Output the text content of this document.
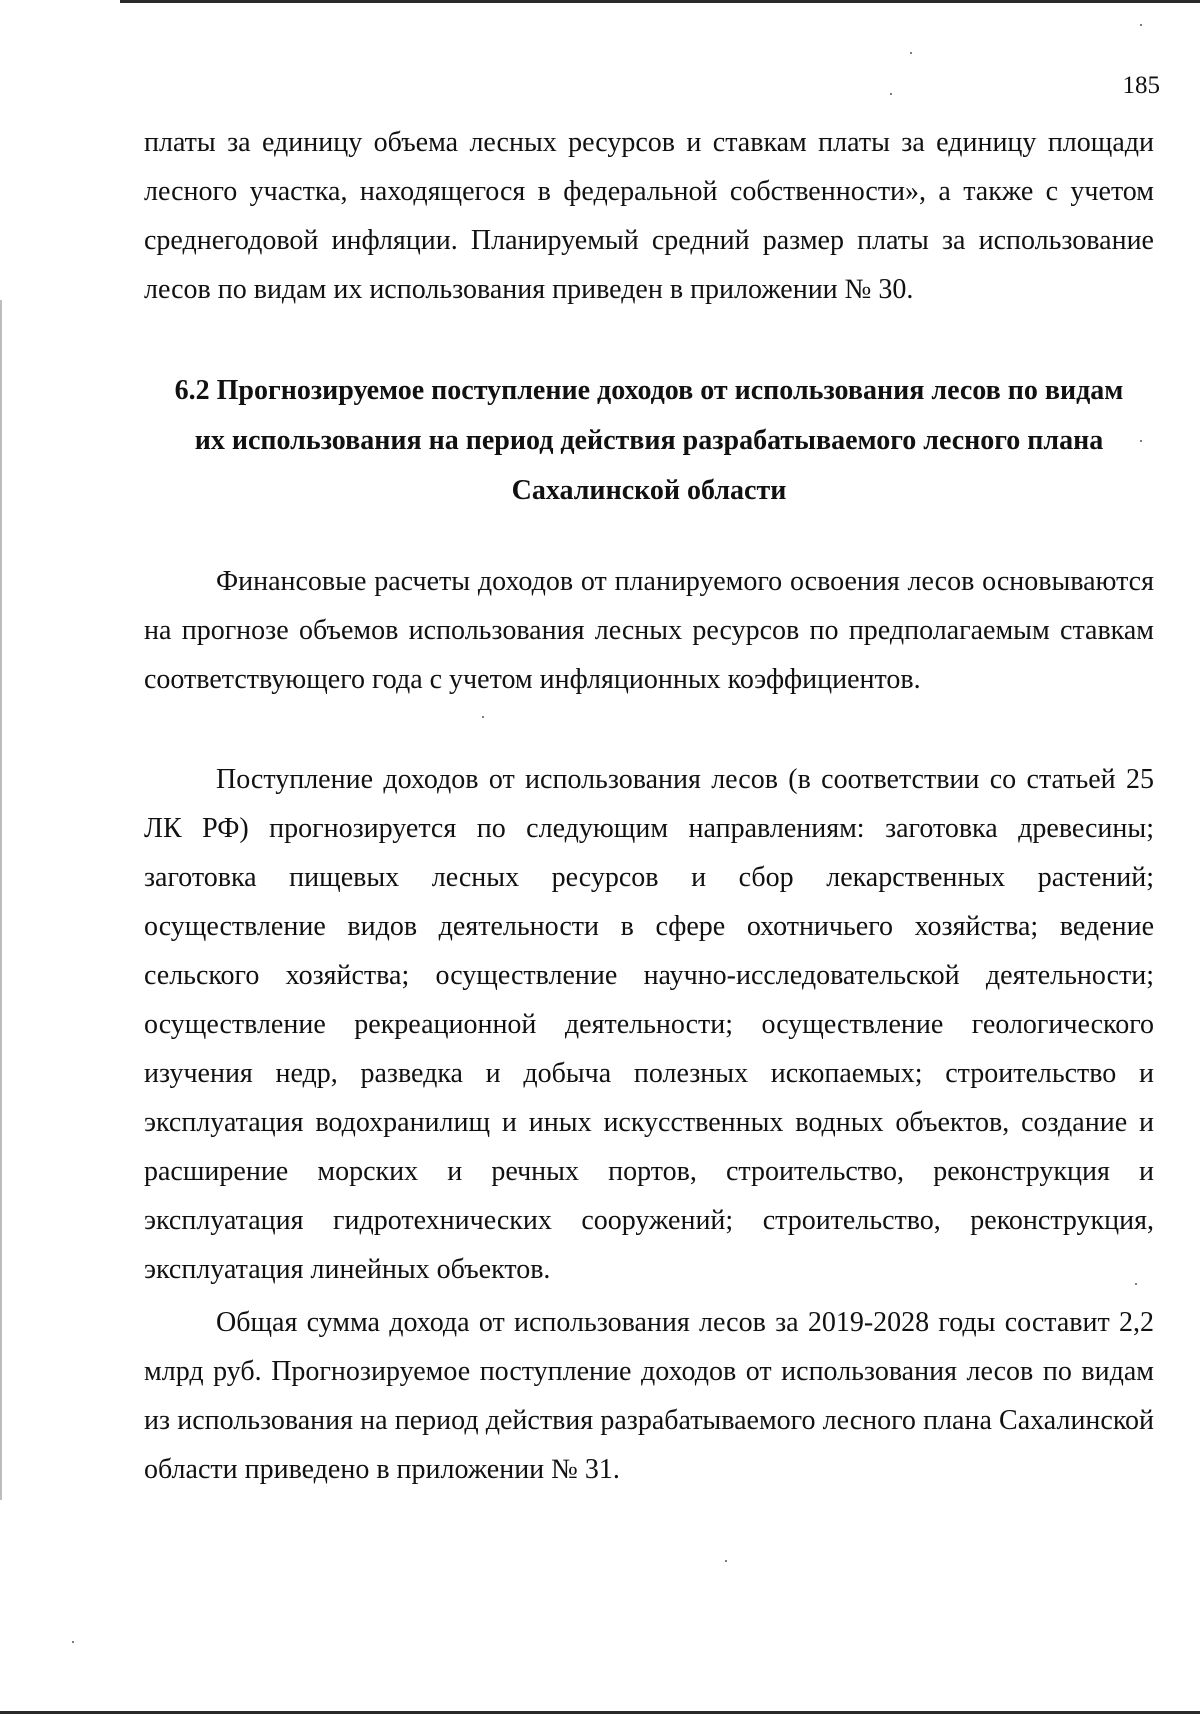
185

платы за единицу объема лесных ресурсов и ставкам платы за единицу площади лесного участка, находящегося в федеральной собственности», а также с учетом среднегодовой инфляции. Планируемый средний размер платы за использование лесов по видам их использования приведен в приложении № 30.

6.2 Прогнозируемое поступление доходов от использования лесов по видам
их использования на период действия разрабатываемого лесного плана
Сахалинской области

Финансовые расчеты доходов от планируемого освоения лесов основываются на прогнозе объемов использования лесных ресурсов по предполагаемым ставкам соответствующего года с учетом инфляционных коэффициентов.

Поступление доходов от использования лесов (в соответствии со статьей 25 ЛК РФ) прогнозируется по следующим направлениям: заготовка древесины; заготовка пищевых лесных ресурсов и сбор лекарственных растений; осуществление видов деятельности в сфере охотничьего хозяйства; ведение сельского хозяйства; осуществление научно-исследовательской деятельности; осуществление рекреационной деятельности; осуществление геологического изучения недр, разведка и добыча полезных ископаемых; строительство и эксплуатация водохранилищ и иных искусственных водных объектов, создание и расширение морских и речных портов, строительство, реконструкция и эксплуатация гидротехнических сооружений; строительство, реконструкция, эксплуатация линейных объектов.

Общая сумма дохода от использования лесов за 2019-2028 годы составит 2,2 млрд руб. Прогнозируемое поступление доходов от использования лесов по видам из использования на период действия разрабатываемого лесного плана Сахалинской области приведено в приложении № 31.
